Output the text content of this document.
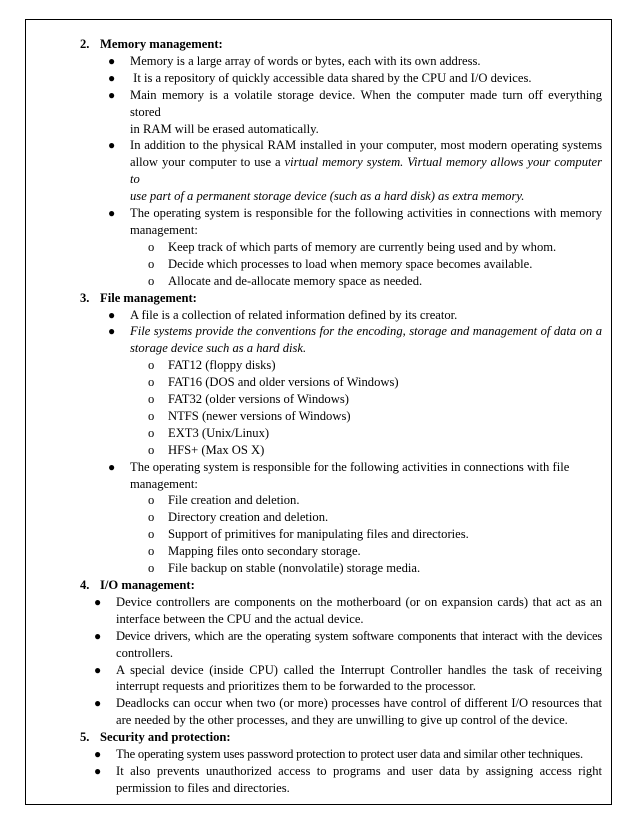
2. Memory management:
● Memory is a large array of words or bytes, each with its own address.
● It is a repository of quickly accessible data shared by the CPU and I/O devices.
● Main memory is a volatile storage device. When the computer made turn off everything stored
in RAM will be erased automatically.
● In addition to the physical RAM installed in your computer, most modern operating systems
allow your computer to use a virtual memory system. Virtual memory allows your computer to
use part of a permanent storage device (such as a hard disk) as extra memory.
● The operating system is responsible for the following activities in connections with memory
management:
o Keep track of which parts of memory are currently being used and by whom.
o Decide which processes to load when memory space becomes available.
o Allocate and de-allocate memory space as needed.
3. File management:
● A file is a collection of related information defined by its creator.
● File systems provide the conventions for the encoding, storage and management of data on a
storage device such as a hard disk.
o FAT12 (floppy disks)
o FAT16 (DOS and older versions of Windows)
o FAT32 (older versions of Windows)
o NTFS (newer versions of Windows)
o EXT3 (Unix/Linux)
o HFS+ (Max OS X)
● The operating system is responsible for the following activities in connections with file
management:
o File creation and deletion.
o Directory creation and deletion.
o Support of primitives for manipulating files and directories.
o Mapping files onto secondary storage.
o File backup on stable (nonvolatile) storage media.
4. I/O management:
● Device controllers are components on the motherboard (or on expansion cards) that act as an
interface between the CPU and the actual device.
● Device drivers, which are the operating system software components that interact with the devices
controllers.
● A special device (inside CPU) called the Interrupt Controller handles the task of receiving
interrupt requests and prioritizes them to be forwarded to the processor.
● Deadlocks can occur when two (or more) processes have control of different I/O resources that
are needed by the other processes, and they are unwilling to give up control of the device.
5. Security and protection:
● The operating system uses password protection to protect user data and similar other techniques.
● It also prevents unauthorized access to programs and user data by assigning access right
permission to files and directories.
